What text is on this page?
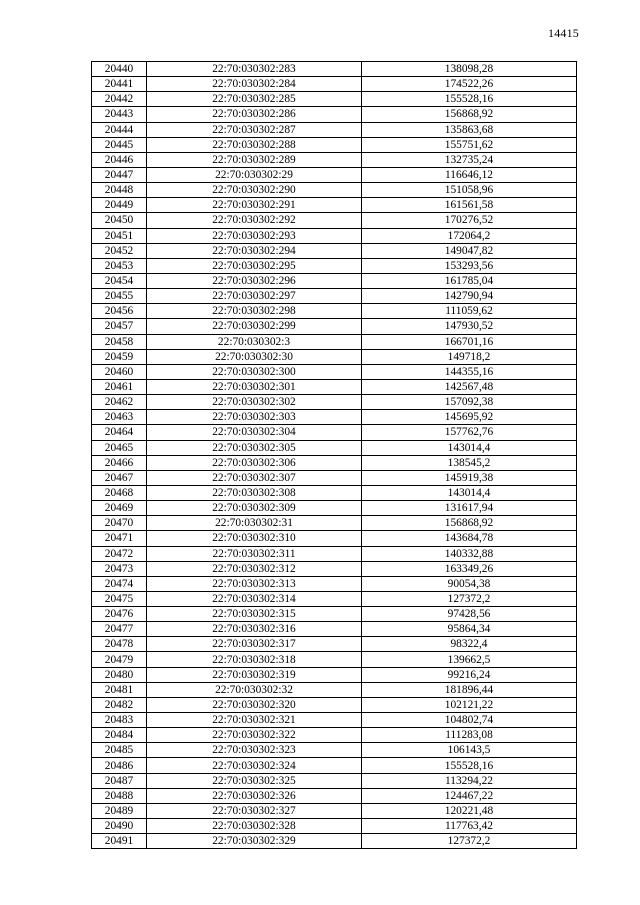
14415
20440	22:70:030302:283	138098,28
20441	22:70:030302:284	174522,26
20442	22:70:030302:285	155528,16
20443	22:70:030302:286	156868,92
20444	22:70:030302:287	135863,68
20445	22:70:030302:288	155751,62
20446	22:70:030302:289	132735,24
20447	22:70:030302:29	116646,12
20448	22:70:030302:290	151058,96
20449	22:70:030302:291	161561,58
20450	22:70:030302:292	170276,52
20451	22:70:030302:293	172064,2
20452	22:70:030302:294	149047,82
20453	22:70:030302:295	153293,56
20454	22:70:030302:296	161785,04
20455	22:70:030302:297	142790,94
20456	22:70:030302:298	111059,62
20457	22:70:030302:299	147930,52
20458	22:70:030302:3	166701,16
20459	22:70:030302:30	149718,2
20460	22:70:030302:300	144355,16
20461	22:70:030302:301	142567,48
20462	22:70:030302:302	157092,38
20463	22:70:030302:303	145695,92
20464	22:70:030302:304	157762,76
20465	22:70:030302:305	143014,4
20466	22:70:030302:306	138545,2
20467	22:70:030302:307	145919,38
20468	22:70:030302:308	143014,4
20469	22:70:030302:309	131617,94
20470	22:70:030302:31	156868,92
20471	22:70:030302:310	143684,78
20472	22:70:030302:311	140332,88
20473	22:70:030302:312	163349,26
20474	22:70:030302:313	90054,38
20475	22:70:030302:314	127372,2
20476	22:70:030302:315	97428,56
20477	22:70:030302:316	95864,34
20478	22:70:030302:317	98322,4
20479	22:70:030302:318	139662,5
20480	22:70:030302:319	99216,24
20481	22:70:030302:32	181896,44
20482	22:70:030302:320	102121,22
20483	22:70:030302:321	104802,74
20484	22:70:030302:322	111283,08
20485	22:70:030302:323	106143,5
20486	22:70:030302:324	155528,16
20487	22:70:030302:325	113294,22
20488	22:70:030302:326	124467,22
20489	22:70:030302:327	120221,48
20490	22:70:030302:328	117763,42
20491	22:70:030302:329	127372,2
